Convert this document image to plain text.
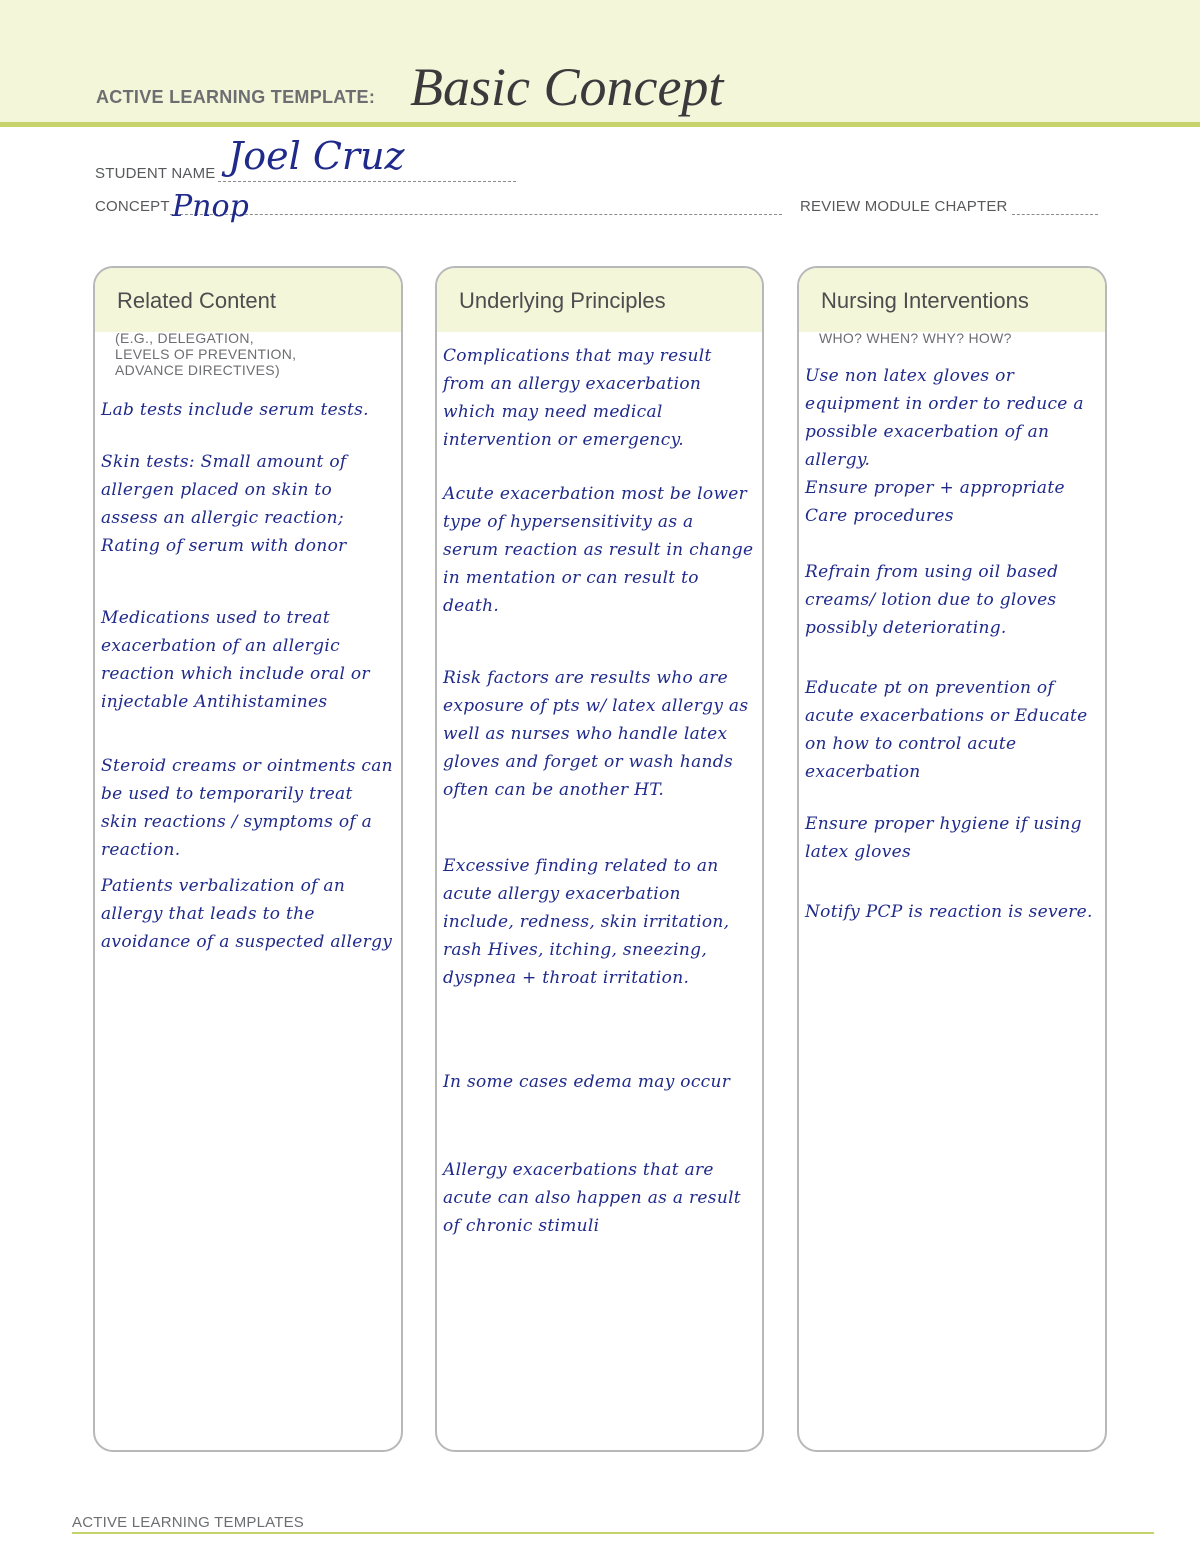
ACTIVE LEARNING TEMPLATE: Basic Concept
STUDENT NAME Joel Cruz
CONCEPT Pnop	REVIEW MODULE CHAPTER
Related Content
(E.G., DELEGATION,
LEVELS OF PREVENTION,
ADVANCE DIRECTIVES)
Lab tests include serum tests.
Skin tests: Small amount of allergen placed on skin to assess an allergic reaction; Rating of serum with donor
Medications used to treat exacerbation of an allergic reaction which include oral or injectable Antihistamines
Steroid creams or ointments can be used to temporarily treat skin reactions / symptoms of a reaction.
Patients verbalization of an allergy that leads to the avoidance of a suspected allergy
Underlying Principles
Complications that may result from an allergy exacerbation which may need medical intervention or emergency.
Acute exacerbation most be lower type of hypersensitivity as a serum reaction as result in change in mentation or can result to death.
Risk factors are results who are exposure of pts w/ latex allergy as well as nurses who handle latex gloves and forget or wash hands often can be another HT.
Excessive finding related to an acute allergy exacerbation include, redness, skin irritation, rash Hives, itching, sneezing, dyspnea + throat irritation.
In some cases edema may occur
Allergy exacerbations that are acute can also happen as a result of chronic stimuli
Nursing Interventions
WHO? WHEN? WHY? HOW?
Use non latex gloves or equipment in order to reduce a possible exacerbation of an allergy.
Ensure proper + appropriate Care procedures
Refrain from using oil based creams/ lotion due to gloves possibly deteriorating.
Educate pt on prevention of acute exacerbations or Educate on how to control acute exacerbation
Ensure proper hygiene if using latex gloves
Notify PCP is reaction is severe.
ACTIVE LEARNING TEMPLATES
